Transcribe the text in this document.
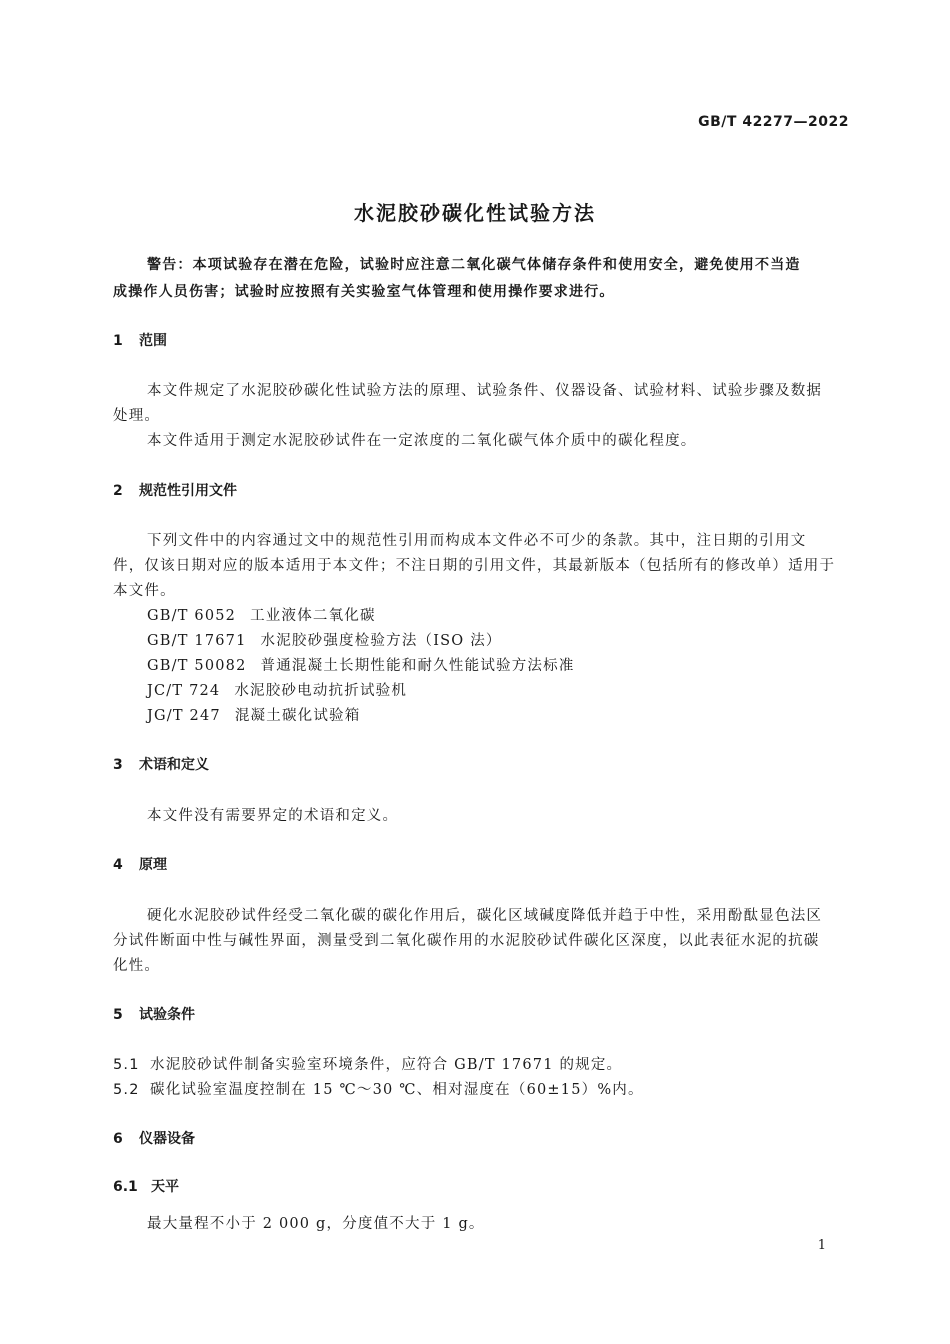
GB/T 42277—2022
水泥胶砂碳化性试验方法
警告：本项试验存在潜在危险，试验时应注意二氧化碳气体储存条件和使用安全，避免使用不当造
成操作人员伤害；试验时应按照有关实验室气体管理和使用操作要求进行。
1 范围
本文件规定了水泥胶砂碳化性试验方法的原理、试验条件、仪器设备、试验材料、试验步骤及数据
处理。
本文件适用于测定水泥胶砂试件在一定浓度的二氧化碳气体介质中的碳化程度。
2 规范性引用文件
下列文件中的内容通过文中的规范性引用而构成本文件必不可少的条款。其中，注日期的引用文
件，仅该日期对应的版本适用于本文件；不注日期的引用文件，其最新版本（包括所有的修改单）适用于
本文件。
GB/T 6052 工业液体二氧化碳
GB/T 17671 水泥胶砂强度检验方法（ISO 法）
GB/T 50082 普通混凝土长期性能和耐久性能试验方法标准
JC/T 724 水泥胶砂电动抗折试验机
JG/T 247 混凝土碳化试验箱
3 术语和定义
本文件没有需要界定的术语和定义。
4 原理
硬化水泥胶砂试件经受二氧化碳的碳化作用后，碳化区域碱度降低并趋于中性，采用酚酞显色法区
分试件断面中性与碱性界面，测量受到二氧化碳作用的水泥胶砂试件碳化区深度，以此表征水泥的抗碳
化性。
5 试验条件
5.1 水泥胶砂试件制备实验室环境条件，应符合 GB/T 17671 的规定。
5.2 碳化试验室温度控制在 15 ℃～30 ℃、相对湿度在（60±15）%内。
6 仪器设备
6.1 天平
最大量程不小于 2 000 g，分度值不大于 1 g。
1
